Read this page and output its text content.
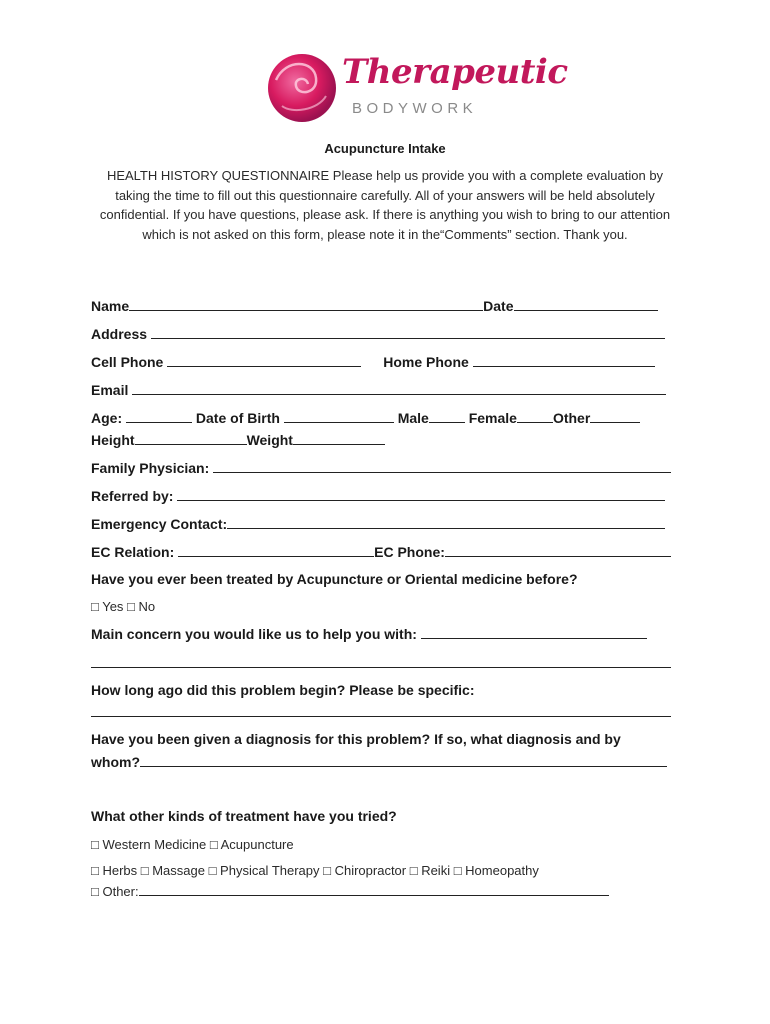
Therapeutic
BODYWORK
Acupuncture Intake
HEALTH HISTORY QUESTIONNAIRE Please help us provide you with a complete evaluation by taking the time to fill out this questionnaire carefully. All of your answers will be held absolutely confidential. If you have questions, please ask. If there is anything you wish to bring to our attention which is not asked on this form, please note it in the“Comments” section. Thank you.
Name	Date
Address
Cell Phone	Home Phone
Email
Age:	Date of Birth	Male	Female	Other
Height	Weight
Family Physician:
Referred by:
Emergency Contact:
EC Relation:	EC Phone:
Have you ever been treated by Acupuncture or Oriental medicine before?
□ Yes □ No
Main concern you would like us to help you with:
How long ago did this problem begin? Please be specific:
Have you been given a diagnosis for this problem? If so, what diagnosis and by
whom?
What other kinds of treatment have you tried?
□ Western Medicine □ Acupuncture
□ Herbs □ Massage □ Physical Therapy □ Chiropractor □ Reiki □ Homeopathy
□ Other:
